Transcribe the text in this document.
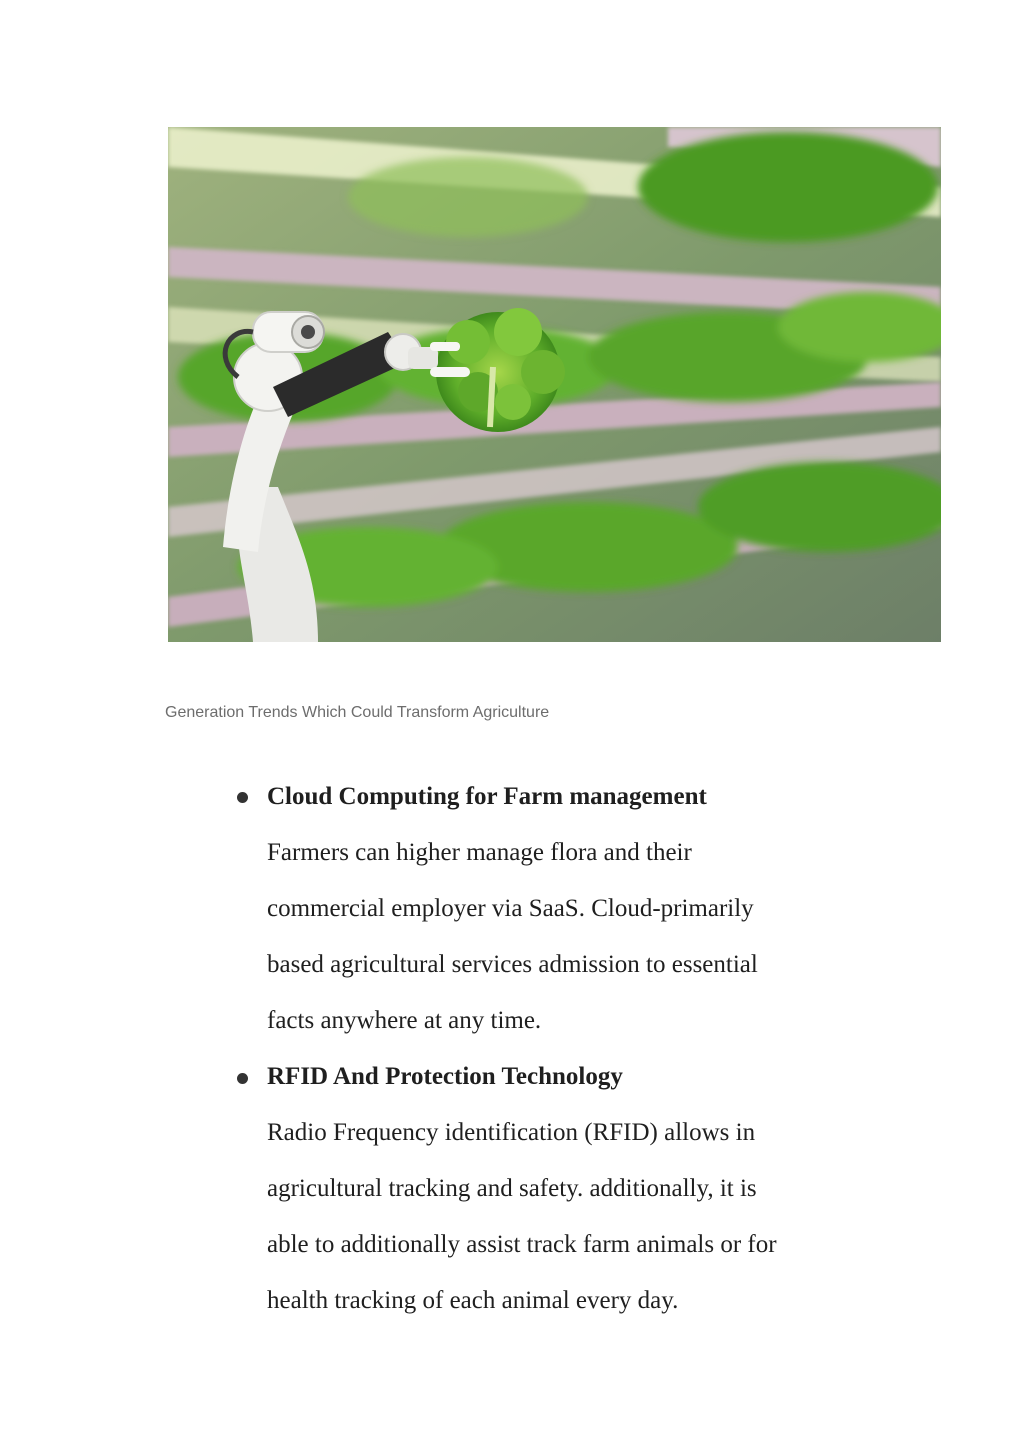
Generation Trends Which Could Transform Agriculture
Cloud Computing for Farm management
Farmers can higher manage flora and their
commercial employer via SaaS. Cloud-primarily
based agricultural services admission to essential
facts anywhere at any time.
RFID And Protection Technology
Radio Frequency identification (RFID) allows in
agricultural tracking and safety. additionally, it is
able to additionally assist track farm animals or for
health tracking of each animal every day.
